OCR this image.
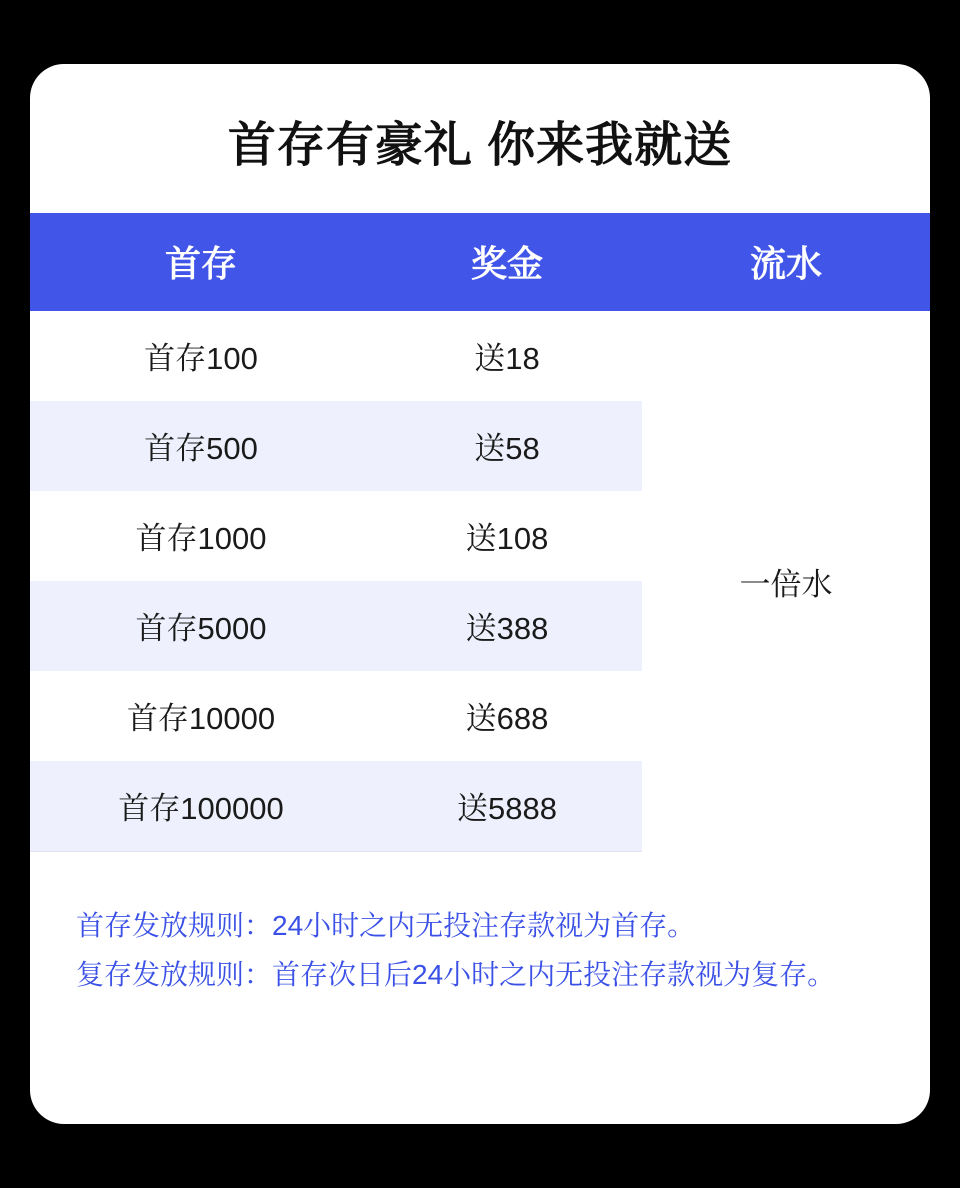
首存有豪礼 你来我就送
首存	奖金	流水
首存100	送18	一倍水
首存500	送58	
首存1000	送108	
首存5000	送388	
首存10000	送688	
首存100000	送5888	
首存发放规则：24小时之内无投注存款视为首存。
复存发放规则：首存次日后24小时之内无投注存款视为复存。
